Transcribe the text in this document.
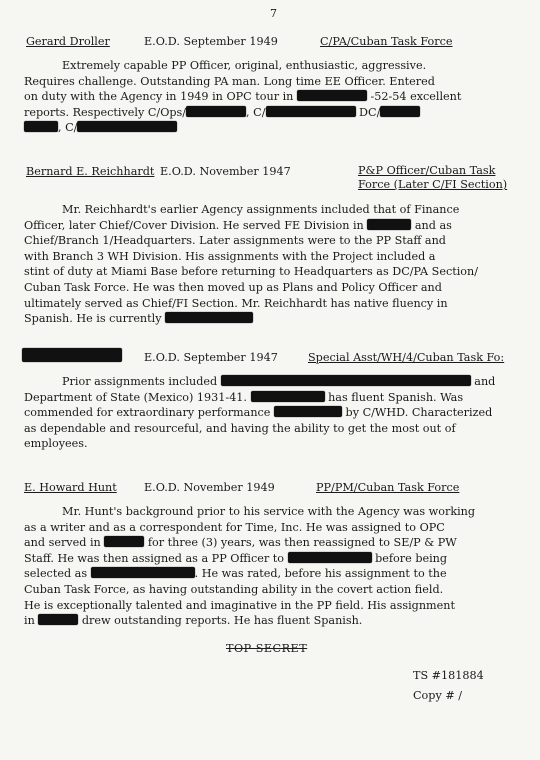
7
Gerard Droller	E.O.D. September 1949	C/PA/Cuban Task Force
Extremely capable PP Officer, original, enthusiastic, aggressive.
Requires challenge. Outstanding PA man. Long time EE Officer. Entered
on duty with the Agency in 1949 in OPC tour in	-52-54 excellent
reports. Respectively C/Ops/	, C/	DC/
, C/
Bernard E. Reichhardt E.O.D. November 1947	P&P Officer/Cuban Task
Force (Later C/FI Section)
Mr. Reichhardt's earlier Agency assignments included that of Finance
Officer, later Chief/Cover Division. He served FE Division in	and as
Chief/Branch 1/Headquarters. Later assignments were to the PP Staff and
with Branch 3 WH Division. His assignments with the Project included a
stint of duty at Miami Base before returning to Headquarters as DC/PA Section/
Cuban Task Force. He was then moved up as Plans and Policy Officer and
ultimately served as Chief/FI Section. Mr. Reichhardt has native fluency in
Spanish. He is currently
E.O.D. September 1947	Special Asst/WH/4/Cuban Task Fo:
Prior assignments included	and
Department of State (Mexico) 1931-41.	has fluent Spanish. Was
commended for extraordinary performance	by C/WHD. Characterized
as dependable and resourceful, and having the ability to get the most out of
employees.
E. Howard Hunt E.O.D. November 1949	PP/PM/Cuban Task Force
Mr. Hunt's background prior to his service with the Agency was working
as a writer and as a correspondent for Time, Inc. He was assigned to OPC
and served in	for three (3) years, was then reassigned to SE/P & PW
Staff. He was then assigned as a PP Officer to	before being
selected as	. He was rated, before his assignment to the
Cuban Task Force, as having outstanding ability in the covert action field.
He is exceptionally talented and imaginative in the PP field. His assignment
in	drew outstanding reports. He has fluent Spanish.
TOP SECRET
TS #181884
Copy # /
